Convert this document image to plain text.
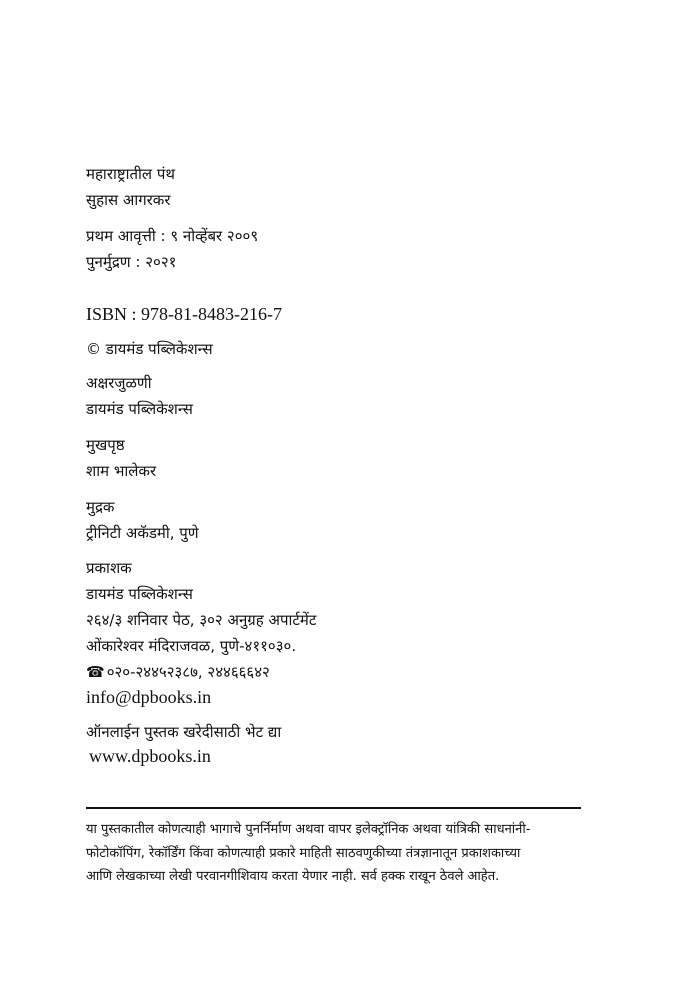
महाराष्ट्रातील पंथ
सुहास आगरकर
प्रथम आवृत्ती : ९ नोव्हेंबर २००९
पुनर्मुद्रण : २०२१
ISBN : 978-81-8483-216-7
© डायमंड पब्लिकेशन्स
अक्षरजुळणी
डायमंड पब्लिकेशन्स
मुखपृष्ठ
शाम भालेकर
मुद्रक
ट्रीनिटी अकॅडमी, पुणे
प्रकाशक
डायमंड पब्लिकेशन्स
२६४/३ शनिवार पेठ, ३०२ अनुग्रह अपार्टमेंट
ओंकारेश्वर मंदिराजवळ, पुणे-४११०३०.
☎ ०२०-२४४५२३८७, २४४६६६४२
info@dpbooks.in
ऑनलाईन पुस्तक खरेदीसाठी भेट द्या
www.dpbooks.in
या पुस्तकातील कोणत्याही भागाचे पुनर्निर्माण अथवा वापर इलेक्ट्रॉनिक अथवा यांत्रिकी साधनांनी-
फोटोकॉपिंग, रेकॉर्डिंग किंवा कोणत्याही प्रकारे माहिती साठवणुकीच्या तंत्रज्ञानातून प्रकाशकाच्या
आणि लेखकाच्या लेखी परवानगीशिवाय करता येणार नाही. सर्व हक्क राखून ठेवले आहेत.
